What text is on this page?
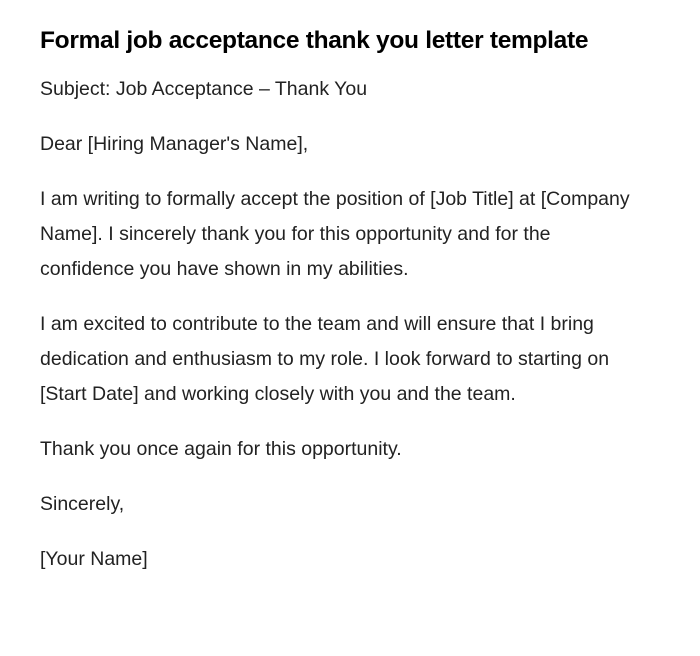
Formal job acceptance thank you letter template

Subject: Job Acceptance – Thank You

Dear [Hiring Manager's Name],

I am writing to formally accept the position of [Job Title] at [Company Name]. I sincerely thank you for this opportunity and for the confidence you have shown in my abilities.

I am excited to contribute to the team and will ensure that I bring dedication and enthusiasm to my role. I look forward to starting on [Start Date] and working closely with you and the team.

Thank you once again for this opportunity.

Sincerely,

[Your Name]
